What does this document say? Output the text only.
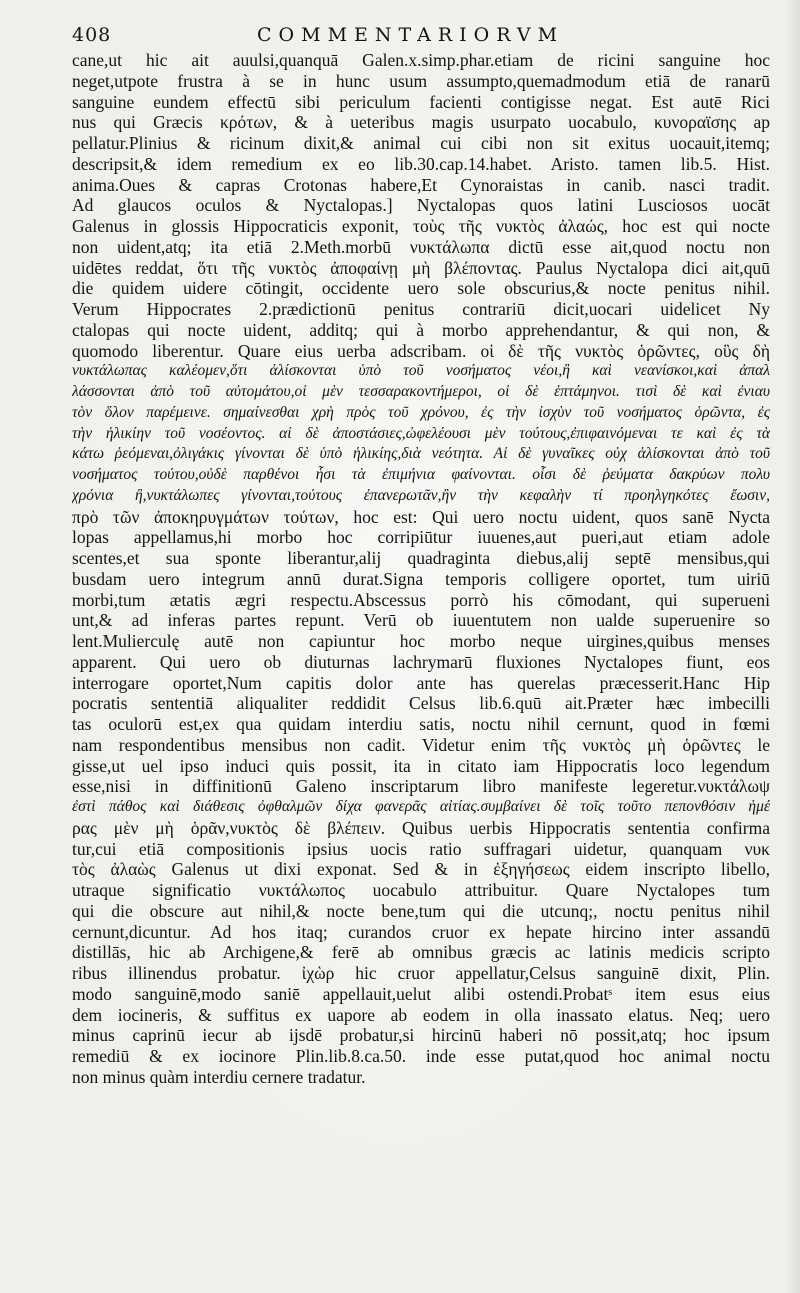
408	COMMENTARIORVM
cane,ut hic ait auulsi,quanquā Galen.x.simp.phar.etiam de ricini sanguine hoc
neget,utpote frustra à se in hunc usum assumpto,quemadmodum etiā de ranarū
sanguine eundem effectū sibi periculum facienti contigisse negat. Est autē Rici
nus qui Græcis κρότων, & à ueteribus magis usurpato uocabulo, κυνοραϊσης ap
pellatur.Plinius & ricinum dixit,& animal cui cibi non sit exitus uocauit,itemq;
descripsit,& idem remedium ex eo lib.30.cap.14.habet. Aristo. tamen lib.5. Hist.
anima.Oues & capras Crotonas habere,Et Cynoraistas in canib. nasci tradit.
Ad glaucos oculos & Nyctalopas.] Nyctalopas quos latini Lusciosos uocāt
Galenus in glossis Hippocraticis exponit, τοὺς τῆς νυκτὸς ἀλαώς, hoc est qui nocte
non uident,atq; ita etiā 2.Meth.morbū νυκτάλωπα dictū esse ait,quod noctu non
uidētes reddat, ὅτι τῆς νυκτὸς ἀποφαίνῃ μὴ βλέποντας. Paulus Nyctalopa dici ait,quū
die quidem uidere cōtingit, occidente uero sole obscurius,& nocte penitus nihil.
Verum Hippocrates 2.prædictionū penitus contrariū dicit,uocari uidelicet Ny
ctalopas qui nocte uident, additq; qui à morbo apprehendantur, & qui non, &
quomodo liberentur. Quare eius uerba adscribam. οἱ δὲ τῆς νυκτὸς ὁρῶντες, οὓς δὴ
νυκτάλωπας καλέομεν,ὅτι ἁλίσκονται ὑπὸ τοῦ νοσήματος νέοι,ἢ καὶ νεανίσκοι,καὶ ἀπαλ
λάσσονται ἀπὸ τοῦ αὐτομάτου,οἱ μὲν τεσσαρακοντήμεροι, οἱ δὲ ἑπτάμηνοι. τισὶ δὲ καὶ ἐνιαυ
τὸν ὅλον παρέμεινε. σημαίνεσθαι χρὴ πρὸς τοῦ χρόνου, ἐς τὴν ἰσχὺν τοῦ νοσήματος ὁρῶντα, ἐς
τὴν ἡλικίην τοῦ νοσέοντος. αἱ δὲ ἀποστάσιες,ὠφελέουσι μὲν τούτους,ἐπιφαινόμεναι τε καὶ ἐς τὰ
κάτω ῥεόμεναι,ὀλιγάκις γίνονται δὲ ὑπὸ ἡλικίης,διὰ νεότητα. Αἱ δὲ γυναῖκες οὐχ ἁλίσκονται ἀπὸ τοῦ
νοσήματος τούτου,οὐδὲ παρθένοι ἧσι τὰ ἐπιμήνια φαίνονται. οἷσι δὲ ῥεύματα δακρύων πολυ
χρόνια ἢ,νυκτάλωπες γίνονται,τούτους ἐπανερωτᾶν,ἢν τὴν κεφαλὴν τί προηλγηκότες ἔωσιν,
πρὸ τῶν ἀποκηρυγμάτων τούτων, hoc est: Qui uero noctu uident, quos sanē Nycta
lopas appellamus,hi morbo hoc corripiūtur iuuenes,aut pueri,aut etiam adole
scentes,et sua sponte liberantur,alij quadraginta diebus,alij septē mensibus,qui
busdam uero integrum annū durat.Signa temporis colligere oportet, tum uiriū
morbi,tum ætatis ægri respectu.Abscessus porrò his cōmodant, qui superueni
unt,& ad inferas partes repunt. Verū ob iuuentutem non ualde superuenire so
lent.Mulierculę autē non capiuntur hoc morbo neque uirgines,quibus menses
apparent. Qui uero ob diuturnas lachrymarū fluxiones Nyctalopes fiunt, eos
interrogare oportet,Num capitis dolor ante has querelas præcesserit.Hanc Hip
pocratis sententiā aliqualiter reddidit Celsus lib.6.quū ait.Præter hæc imbecilli
tas oculorū est,ex qua quidam interdiu satis, noctu nihil cernunt, quod in fœmi
nam respondentibus mensibus non cadit. Videtur enim τῆς νυκτὸς μὴ ὁρῶντες le
gisse,ut uel ipso induci quis possit, ita in citato iam Hippocratis loco legendum
esse,nisi in diffinitionū Galeno inscriptarum libro manifeste legeretur.νυκτάλωψ
ἐστὶ πάθος καὶ διάθεσις ὀφθαλμῶν δίχα φανερᾶς αἰτίας.συμβαίνει δὲ τοῖς τοῦτο πεπονθόσιν ἡμέ
ρας μὲν μὴ ὁρᾶν,νυκτὸς δὲ βλέπειν. Quibus uerbis Hippocratis sententia confirma
tur,cui etiā compositionis ipsius uocis ratio suffragari uidetur, quanquam νυκ
τὸς ἀλαὼς Galenus ut dixi exponat. Sed & in ἐξηγήσεως eidem inscripto libello,
utraque significatio νυκτάλωπος uocabulo attribuitur. Quare Nyctalopes tum
qui die obscure aut nihil,& nocte bene,tum qui die utcunq;, noctu penitus nihil
cernunt,dicuntur. Ad hos itaq; curandos cruor ex hepate hircino inter assandū
distillās, hic ab Archigene,& ferē ab omnibus græcis ac latinis medicis scripto
ribus illinendus probatur. ἰχὼρ hic cruor appellatur,Celsus sanguinē dixit, Plin.
modo sanguinē,modo saniē appellauit,uelut alibi ostendi.Probatˢ item esus eius
dem iocineris, & suffitus ex uapore ab eodem in olla inassato elatus. Neq; uero
minus caprinū iecur ab ijsdē probatur,si hircinū haberi nō possit,atq; hoc ipsum
remediū & ex iocinore Plin.lib.8.ca.50. inde esse putat,quod hoc animal noctu
non minus quàm interdiu cernere tradatur.
